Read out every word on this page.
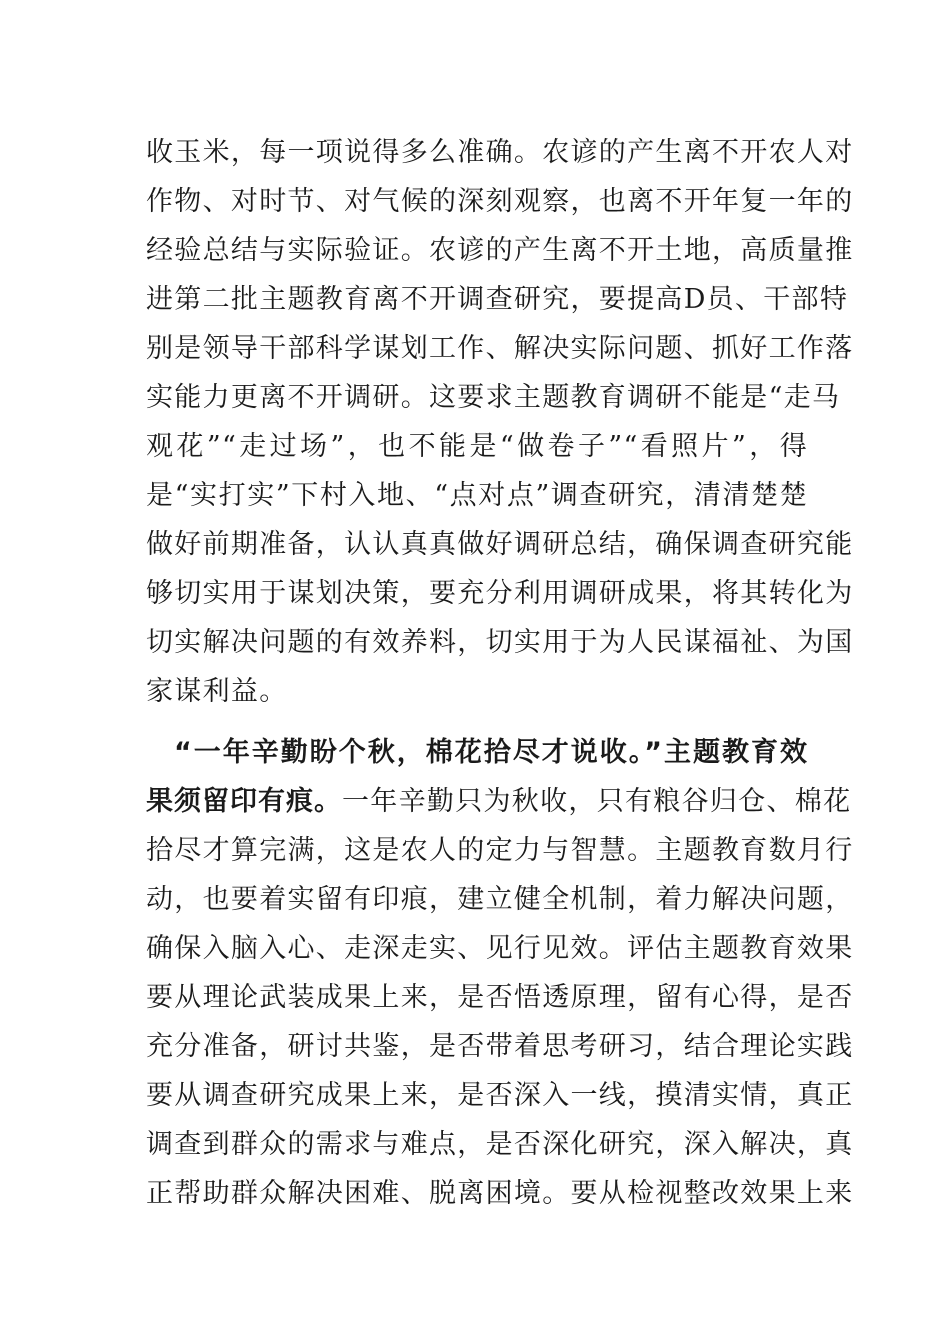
收玉米，每一项说得多么准确。农谚的产生离不开农人对
作物、对时节、对气候的深刻观察，也离不开年复一年的
经验总结与实际验证。农谚的产生离不开土地，高质量推
进第二批主题教育离不开调查研究，要提高D员、干部特
别是领导干部科学谋划工作、解决实际问题、抓好工作落
实能力更离不开调研。这要求主题教育调研不能是“走马
观花”“走过场”，也不能是“做卷子”“看照片”，得
是“实打实”下村入地、“点对点”调查研究，清清楚楚
做好前期准备，认认真真做好调研总结，确保调查研究能
够切实用于谋划决策，要充分利用调研成果，将其转化为
切实解决问题的有效养料，切实用于为人民谋福祉、为国
家谋利益。
“一年辛勤盼个秋，棉花拾尽才说收。”主题教育效
果须留印有痕。一年辛勤只为秋收，只有粮谷归仓、棉花
拾尽才算完满，这是农人的定力与智慧。主题教育数月行
动，也要着实留有印痕，建立健全机制，着力解决问题，
确保入脑入心、走深走实、见行见效。评估主题教育效果
要从理论武装成果上来，是否悟透原理，留有心得，是否
充分准备，研讨共鉴，是否带着思考研习，结合理论实践
要从调查研究成果上来，是否深入一线，摸清实情，真正
调查到群众的需求与难点，是否深化研究，深入解决，真
正帮助群众解决困难、脱离困境。要从检视整改效果上来
